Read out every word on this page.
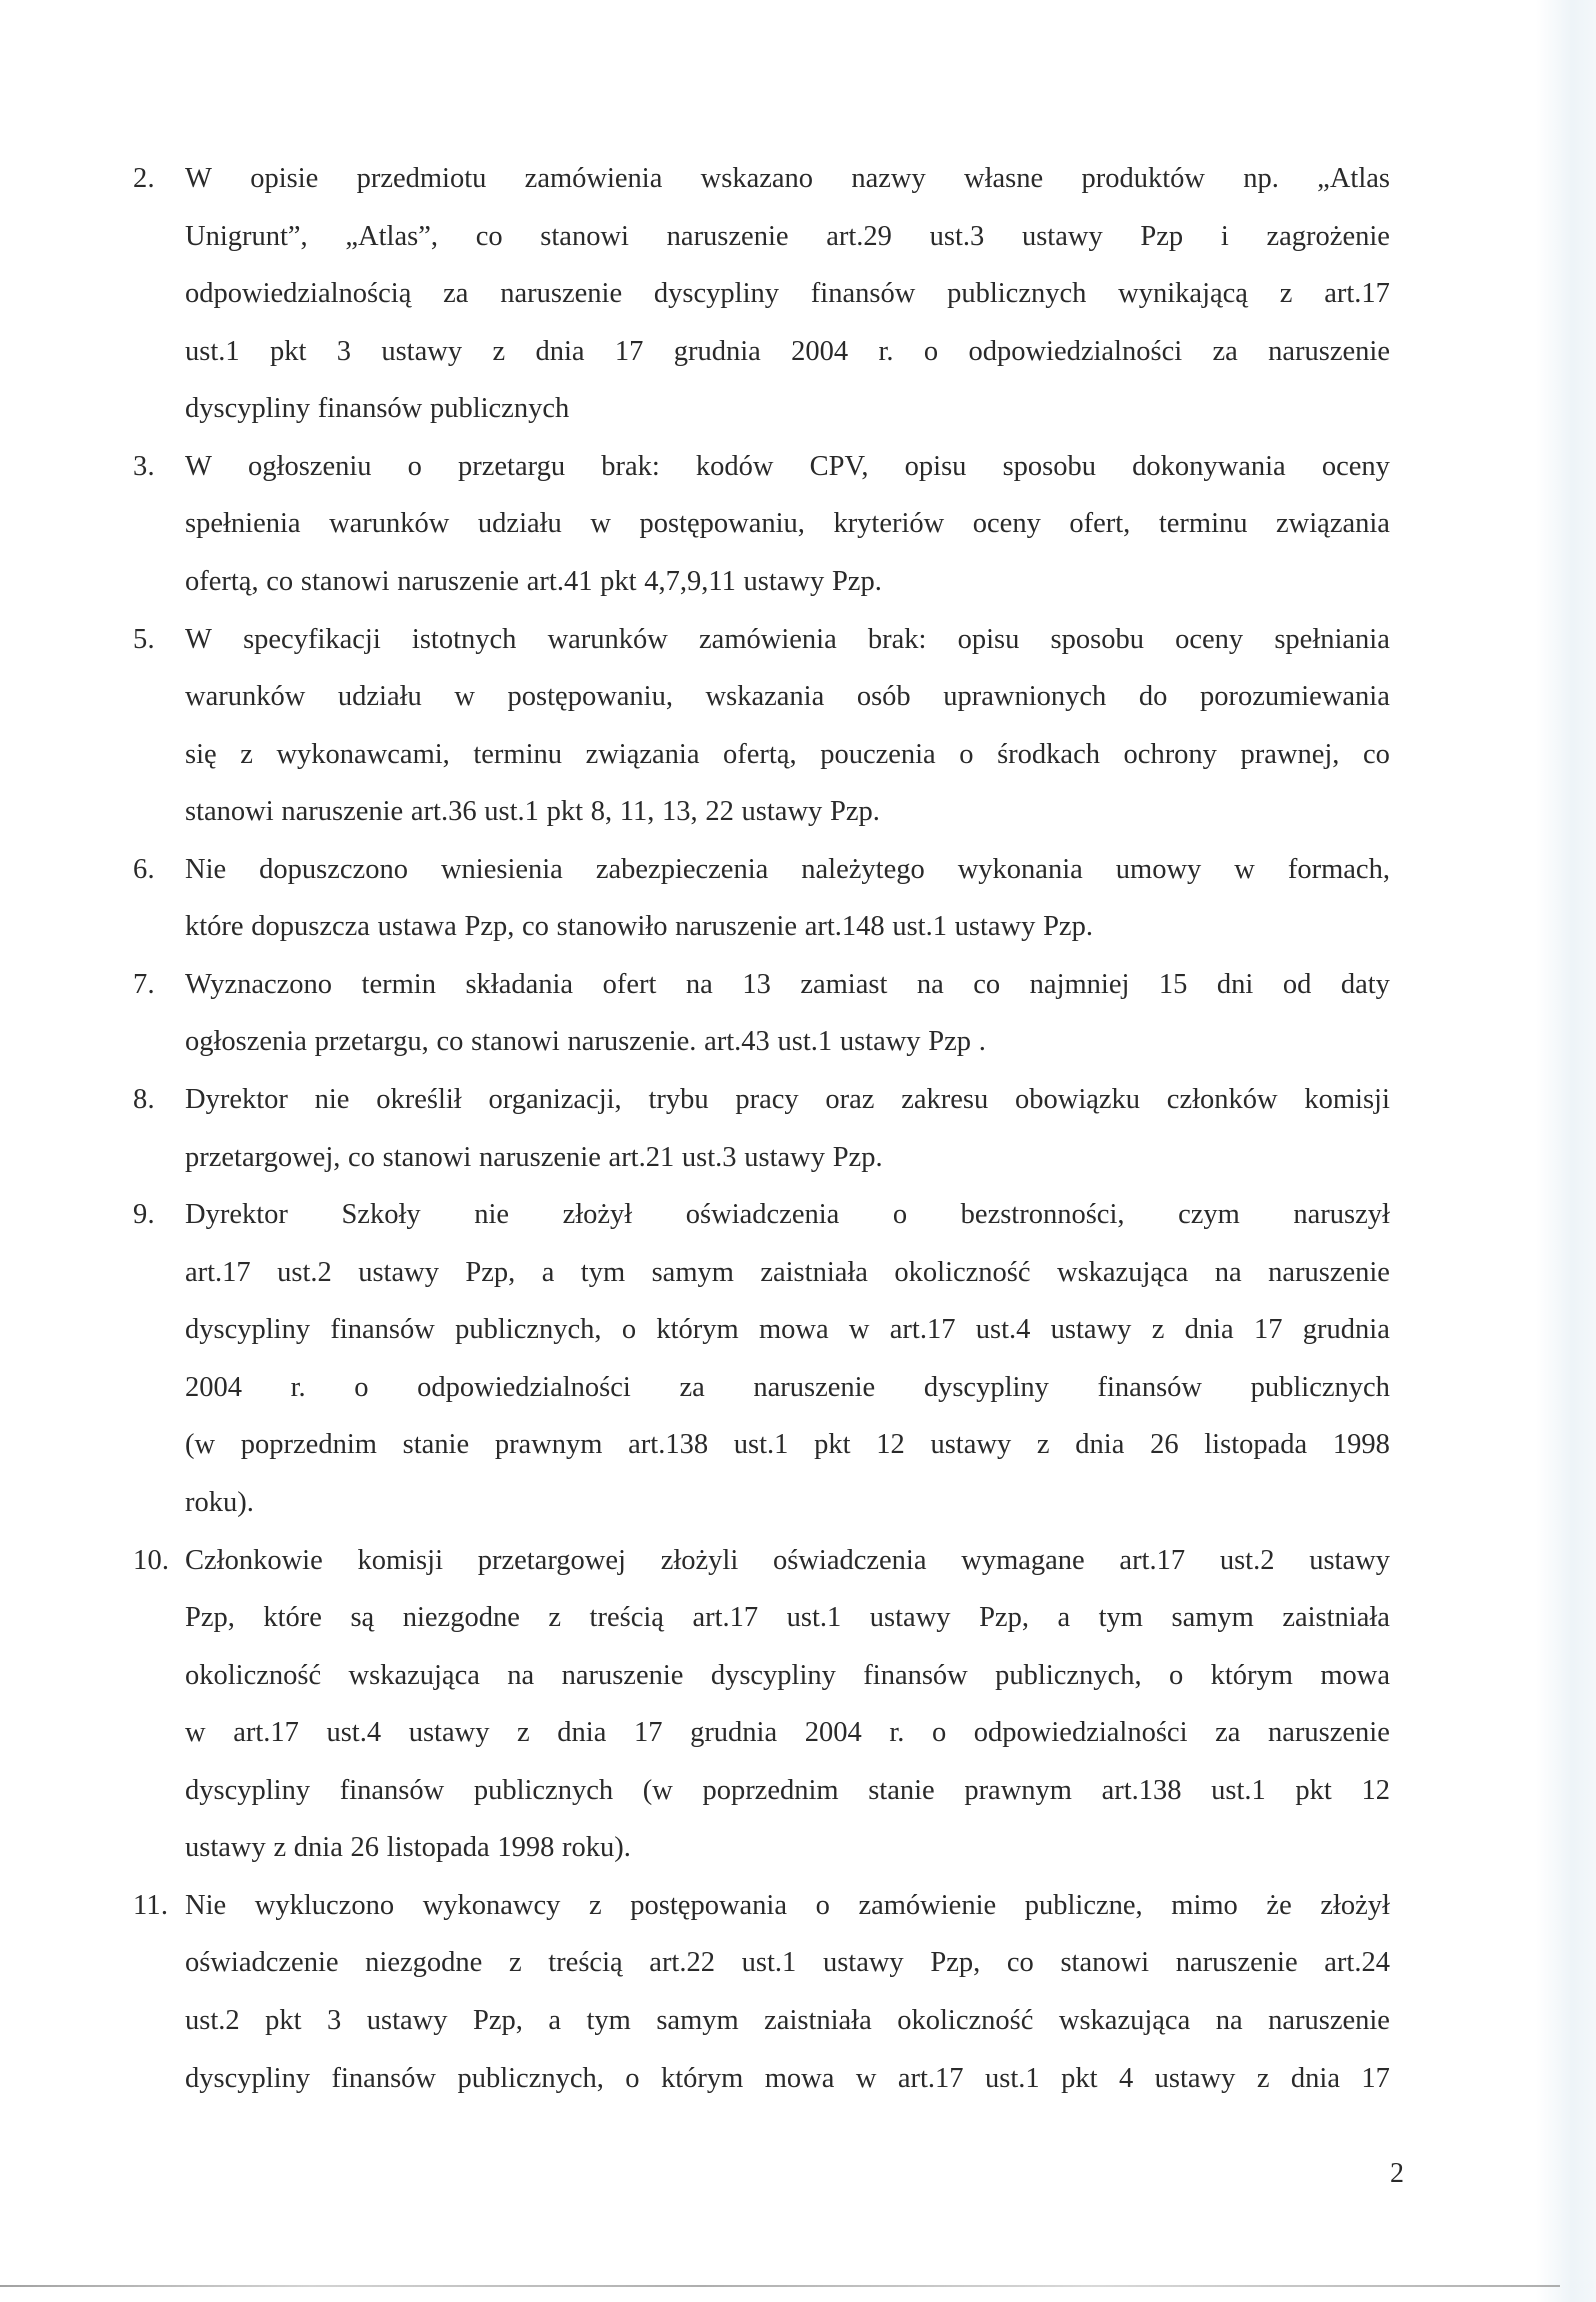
2. W opisie przedmiotu zamówienia wskazano nazwy własne produktów np. „Atlas
Unigrunt”, „Atlas”, co stanowi naruszenie art.29 ust.3 ustawy Pzp i zagrożenie
odpowiedzialnością za naruszenie dyscypliny finansów publicznych wynikającą z art.17
ust.1 pkt 3 ustawy z dnia 17 grudnia 2004 r. o odpowiedzialności za naruszenie
dyscypliny finansów publicznych
3. W ogłoszeniu o przetargu brak: kodów CPV, opisu sposobu dokonywania oceny
spełnienia warunków udziału w postępowaniu, kryteriów oceny ofert, terminu związania
ofertą, co stanowi naruszenie art.41 pkt 4,7,9,11 ustawy Pzp.
5. W specyfikacji istotnych warunków zamówienia brak: opisu sposobu oceny spełniania
warunków udziału w postępowaniu, wskazania osób uprawnionych do porozumiewania
się z wykonawcami, terminu związania ofertą, pouczenia o środkach ochrony prawnej, co
stanowi naruszenie art.36 ust.1 pkt 8, 11, 13, 22 ustawy Pzp.
6. Nie dopuszczono wniesienia zabezpieczenia należytego wykonania umowy w formach,
które dopuszcza ustawa Pzp, co stanowiło naruszenie art.148 ust.1 ustawy Pzp.
7. Wyznaczono termin składania ofert na 13 zamiast na co najmniej 15 dni od daty
ogłoszenia przetargu, co stanowi naruszenie. art.43 ust.1 ustawy Pzp .
8. Dyrektor nie określił organizacji, trybu pracy oraz zakresu obowiązku członków komisji
przetargowej, co stanowi naruszenie art.21 ust.3 ustawy Pzp.
9. Dyrektor Szkoły nie złożył oświadczenia o bezstronności, czym naruszył
art.17 ust.2 ustawy Pzp, a tym samym zaistniała okoliczność wskazująca na naruszenie
dyscypliny finansów publicznych, o którym mowa w art.17 ust.4 ustawy z dnia 17 grudnia
2004 r. o odpowiedzialności za naruszenie dyscypliny finansów publicznych
(w poprzednim stanie prawnym art.138 ust.1 pkt 12 ustawy z dnia 26 listopada 1998
roku).
10. Członkowie komisji przetargowej złożyli oświadczenia wymagane art.17 ust.2 ustawy
Pzp, które są niezgodne z treścią art.17 ust.1 ustawy Pzp, a tym samym zaistniała
okoliczność wskazująca na naruszenie dyscypliny finansów publicznych, o którym mowa
w art.17 ust.4 ustawy z dnia 17 grudnia 2004 r. o odpowiedzialności za naruszenie
dyscypliny finansów publicznych (w poprzednim stanie prawnym art.138 ust.1 pkt 12
ustawy z dnia 26 listopada 1998 roku).
11. Nie wykluczono wykonawcy z postępowania o zamówienie publiczne, mimo że złożył
oświadczenie niezgodne z treścią art.22 ust.1 ustawy Pzp, co stanowi naruszenie art.24
ust.2 pkt 3 ustawy Pzp, a tym samym zaistniała okoliczność wskazująca na naruszenie
dyscypliny finansów publicznych, o którym mowa w art.17 ust.1 pkt 4 ustawy z dnia 17
2
